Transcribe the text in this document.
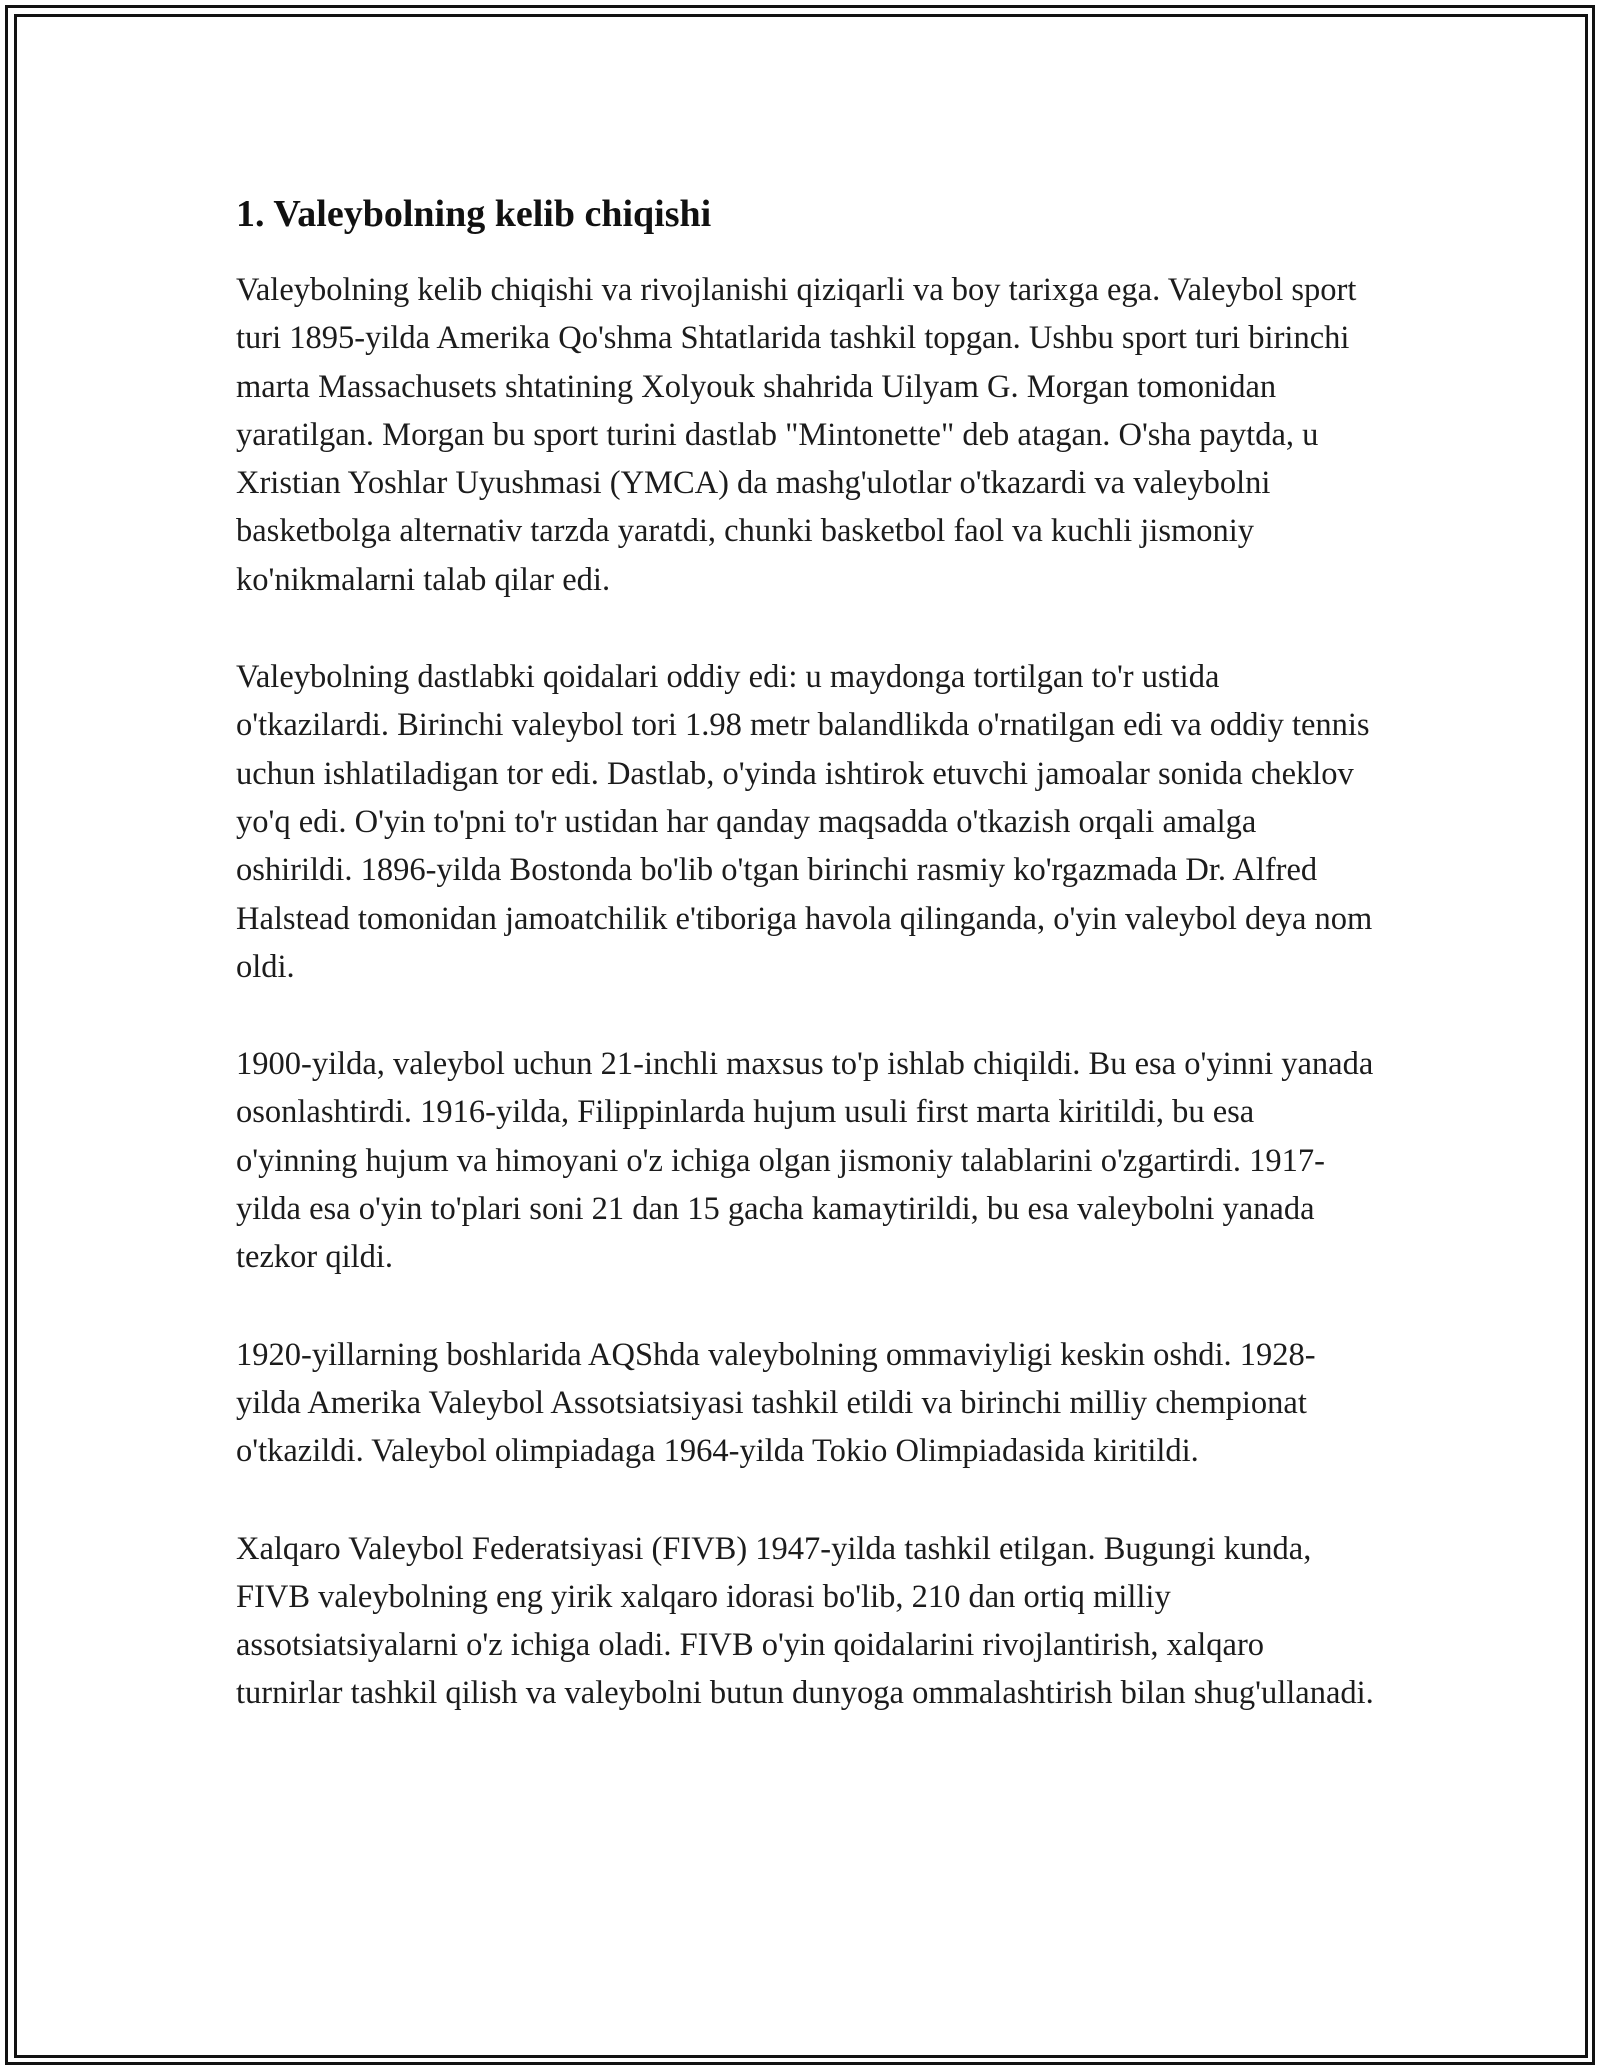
1. Valeybolning kelib chiqishi

Valeybolning kelib chiqishi va rivojlanishi qiziqarli va boy tarixga ega. Valeybol sport turi 1895-yilda Amerika Qo'shma Shtatlarida tashkil topgan. Ushbu sport turi birinchi marta Massachusets shtatining Xolyouk shahrida Uilyam G. Morgan tomonidan yaratilgan. Morgan bu sport turini dastlab "Mintonette" deb atagan. O'sha paytda, u Xristian Yoshlar Uyushmasi (YMCA) da mashg'ulotlar o'tkazardi va valeybolni basketbolga alternativ tarzda yaratdi, chunki basketbol faol va kuchli jismoniy ko'nikmalarni talab qilar edi.

Valeybolning dastlabki qoidalari oddiy edi: u maydonga tortilgan to'r ustida o'tkazilardi. Birinchi valeybol tori 1.98 metr balandlikda o'rnatilgan edi va oddiy tennis uchun ishlatiladigan tor edi. Dastlab, o'yinda ishtirok etuvchi jamoalar sonida cheklov yo'q edi. O'yin to'pni to'r ustidan har qanday maqsadda o'tkazish orqali amalga oshirildi. 1896-yilda Bostonda bo'lib o'tgan birinchi rasmiy ko'rgazmada Dr. Alfred Halstead tomonidan jamoatchilik e'tiboriga havola qilinganda, o'yin valeybol deya nom oldi.

1900-yilda, valeybol uchun 21-inchli maxsus to'p ishlab chiqildi. Bu esa o'yinni yanada osonlashtirdi. 1916-yilda, Filippinlarda hujum usuli first marta kiritildi, bu esa o'yinning hujum va himoyani o'z ichiga olgan jismoniy talablarini o'zgartirdi. 1917-yilda esa o'yin to'plari soni 21 dan 15 gacha kamaytirildi, bu esa valeybolni yanada tezkor qildi.

1920-yillarning boshlarida AQShda valeybolning ommaviyligi keskin oshdi. 1928-yilda Amerika Valeybol Assotsiatsiyasi tashkil etildi va birinchi milliy chempionat o'tkazildi. Valeybol olimpiadaga 1964-yilda Tokio Olimpiadasida kiritildi.

Xalqaro Valeybol Federatsiyasi (FIVB) 1947-yilda tashkil etilgan. Bugungi kunda, FIVB valeybolning eng yirik xalqaro idorasi bo'lib, 210 dan ortiq milliy assotsiatsiyalarni o'z ichiga oladi. FIVB o'yin qoidalarini rivojlantirish, xalqaro turnirlar tashkil qilish va valeybolni butun dunyoga ommalashtirish bilan shug'ullanadi.
